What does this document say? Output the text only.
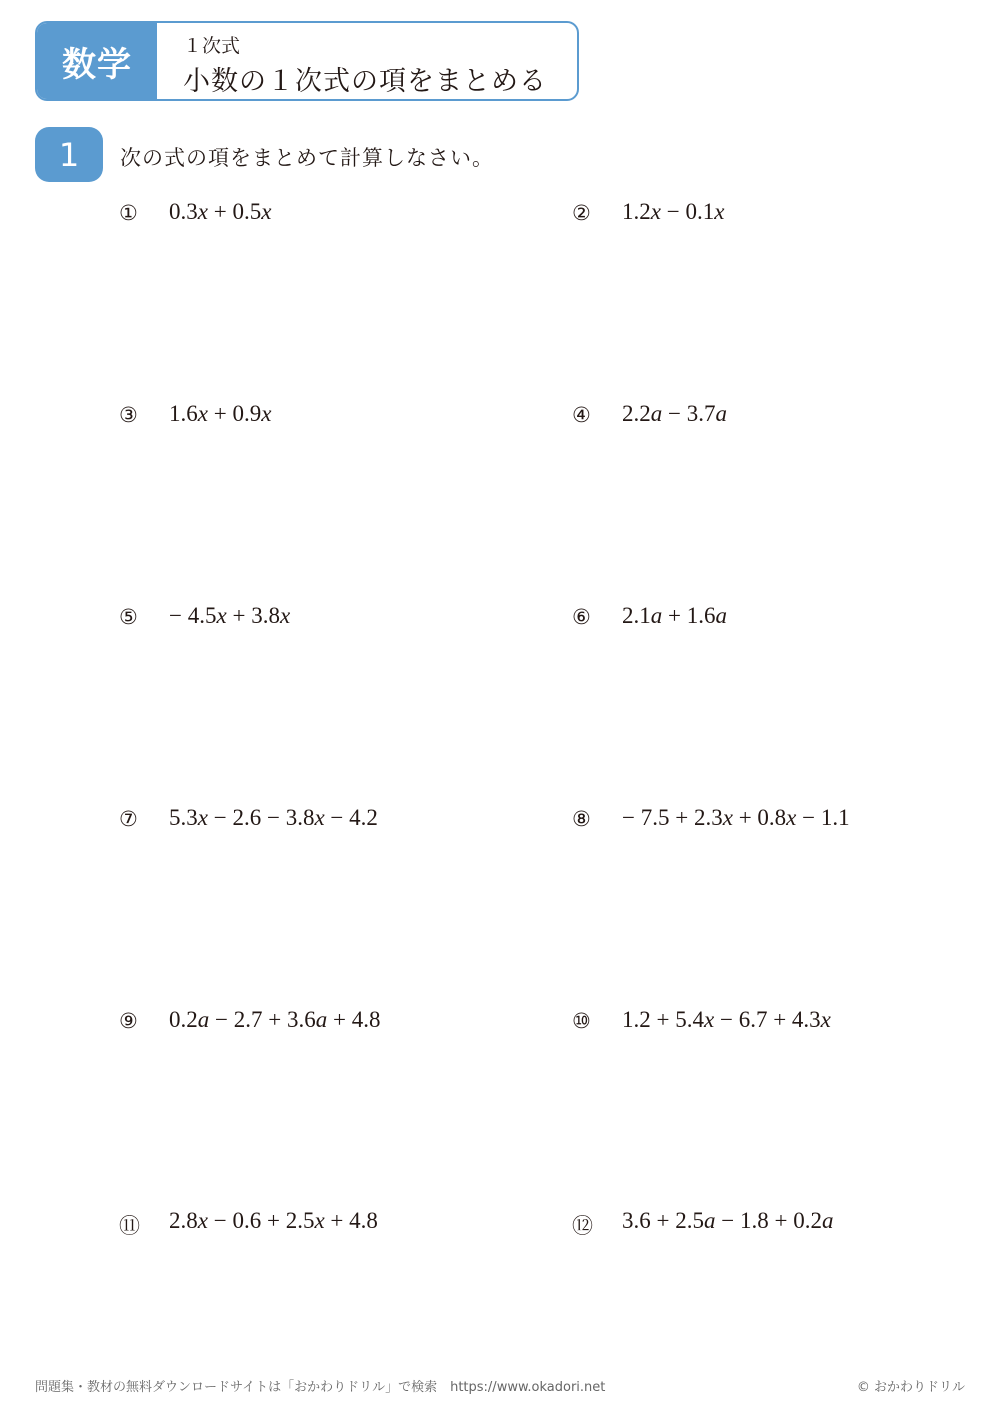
数学	１次式
小数の１次式の項をまとめる
1	次の式の項をまとめて計算しなさい。
① 0.3x + 0.5x	② 1.2x − 0.1x
③ 1.6x + 0.9x	④ 2.2a − 3.7a
⑤ − 4.5x + 3.8x	⑥ 2.1a + 1.6a
⑦ 5.3x − 2.6 − 3.8x − 4.2	⑧ − 7.5 + 2.3x + 0.8x − 1.1
⑨ 0.2a − 2.7 + 3.6a + 4.8	⑩ 1.2 + 5.4x − 6.7 + 4.3x
⑪ 2.8x − 0.6 + 2.5x + 4.8	⑫ 3.6 + 2.5a − 1.8 + 0.2a
問題集・教材の無料ダウンロードサイトは「おかわりドリル」で検索　https://www.okadori.net	© おかわりドリル
